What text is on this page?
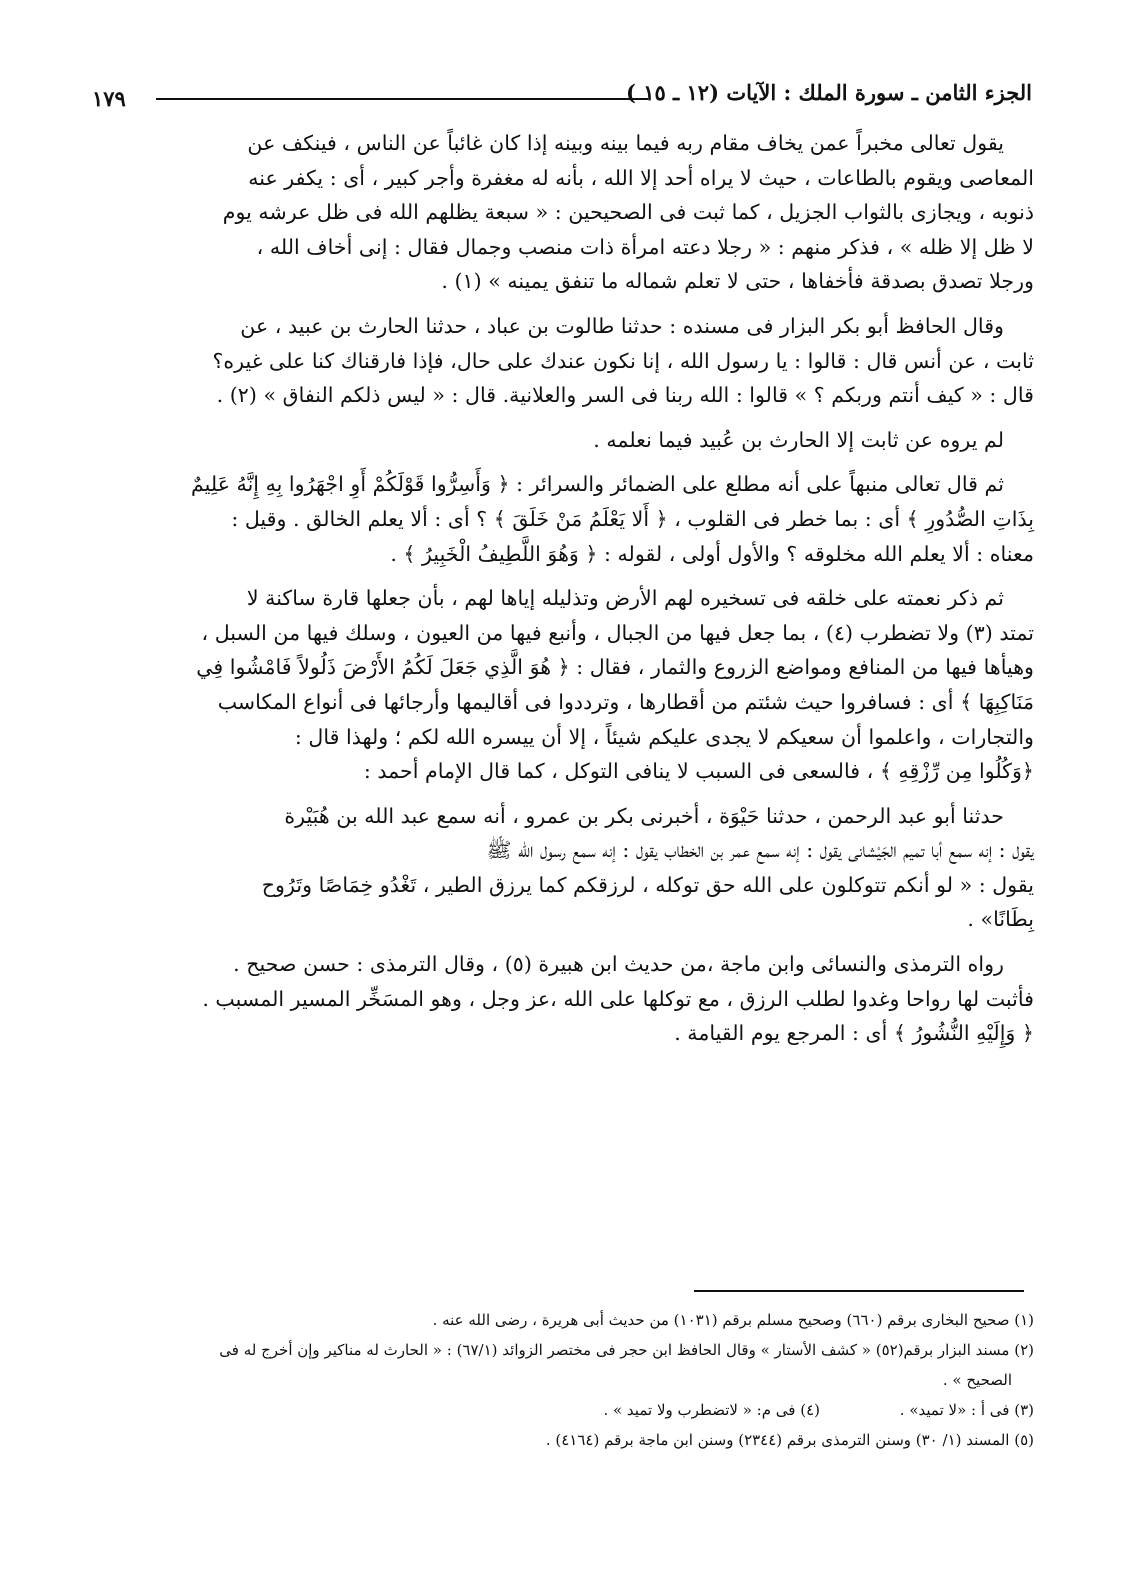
١٧٩	الجزء الثامن ـ سورة الملك : الآيات (١٢ ـ ١٥ )

يقول تعالى مخبراً عمن يخاف مقام ربه فيما بينه وبينه إذا كان غائباً عن الناس ، فينكف عن

المعاصى ويقوم بالطاعات ، حيث لا يراه أحد إلا الله ، بأنه له مغفرة وأجر كبير ، أى : يكفر عنه

ذنوبه ، ويجازى بالثواب الجزيل ، كما ثبت فى الصحيحين : « سبعة يظلهم الله فى ظل عرشه يوم

لا ظل إلا ظله » ، فذكر منهم : « رجلا دعته امرأة ذات منصب وجمال فقال : إنى أخاف الله ،

ورجلا تصدق بصدقة فأخفاها ، حتى لا تعلم شماله ما تنفق يمينه » (١) .

وقال الحافظ أبو بكر البزار فى مسنده : حدثنا طالوت بن عباد ، حدثنا الحارث بن عبيد ، عن

ثابت ، عن أنس قال : قالوا : يا رسول الله ، إنا نكون عندك على حال، فإذا فارقناك كنا على غيره؟

قال : « كيف أنتم وربكم ؟ » قالوا : الله ربنا فى السر والعلانية. قال : « ليس ذلكم النفاق » (٢) .

لم يروه عن ثابت إلا الحارث بن عُبيد فيما نعلمه .

ثم قال تعالى منبهاً على أنه مطلع على الضمائر والسرائر : ﴿ وَأَسِرُّوا قَوْلَكُمْ أَوِ اجْهَرُوا بِهِ إِنَّهُ عَلِيمٌ

بِذَاتِ الصُّدُورِ ﴾ أى : بما خطر فى القلوب ، ﴿ أَلا يَعْلَمُ مَنْ خَلَقَ ﴾ ؟ أى : ألا يعلم الخالق . وقيل :

معناه : ألا يعلم الله مخلوقه ؟ والأول أولى ، لقوله : ﴿ وَهُوَ اللَّطِيفُ الْخَبِيرُ ﴾ .

ثم ذكر نعمته على خلقه فى تسخيره لهم الأرض وتذليله إياها لهم ، بأن جعلها قارة ساكنة لا

تمتد (٣) ولا تضطرب (٤) ، بما جعل فيها من الجبال ، وأنبع فيها من العيون ، وسلك فيها من السبل ،

وهيأها فيها من المنافع ومواضع الزروع والثمار ، فقال : ﴿ هُوَ الَّذِي جَعَلَ لَكُمُ الأَرْضَ ذَلُولاً فَامْشُوا فِي

مَنَاكِبِهَا ﴾ أى : فسافروا حيث شئتم من أقطارها ، وترددوا فى أقاليمها وأرجائها فى أنواع المكاسب

والتجارات ، واعلموا أن سعيكم لا يجدى عليكم شيئاً ، إلا أن ييسره الله لكم ؛ ولهذا قال :

﴿وَكُلُوا مِن رِّزْقِهِ ﴾ ، فالسعى فى السبب لا ينافى التوكل ، كما قال الإمام أحمد :

حدثنا أبو عبد الرحمن ، حدثنا حَيْوَة ، أخبرنى بكر بن عمرو ، أنه سمع عبد الله بن هُبَيْرة

يقول : إنه سمع أبا تميم الجَيْشانى يقول : إنه سمع عمر بن الخطاب يقول : إنه سمع رسول الله ﷺ

يقول : « لو أنكم تتوكلون على الله حق توكله ، لرزقكم كما يرزق الطير ، تَغْدُو خِمَاصًا وتَرُوح

بِطَانًا» .

رواه الترمذى والنسائى وابن ماجة ،من حديث ابن هبيرة (٥) ، وقال الترمذى : حسن صحيح .

فأثبت لها رواحا وغدوا لطلب الرزق ، مع توكلها على الله ،عز وجل ، وهو المسَخِّر المسير المسبب .

﴿ وَإِلَيْهِ النُّشُورُ ﴾ أى : المرجع يوم القيامة .

(١) صحيح البخارى برقم (٦٦٠) وصحيح مسلم برقم (١٠٣١) من حديث أبى هريرة ، رضى الله عنه .

(٢) مسند البزار برقم(٥٢) « كشف الأستار » وقال الحافظ ابن حجر فى مختصر الزوائد (٦٧/١) : « الحارث له مناكير وإن أخرج له فى

الصحيح » .

(٣) فى أ : «لا تميد» .(٤) فى م: « لاتضطرب ولا تميد » .

(٥) المسند (١/ ٣٠) وسنن الترمذى برقم (٢٣٤٤) وسنن ابن ماجة برقم (٤١٦٤) .
